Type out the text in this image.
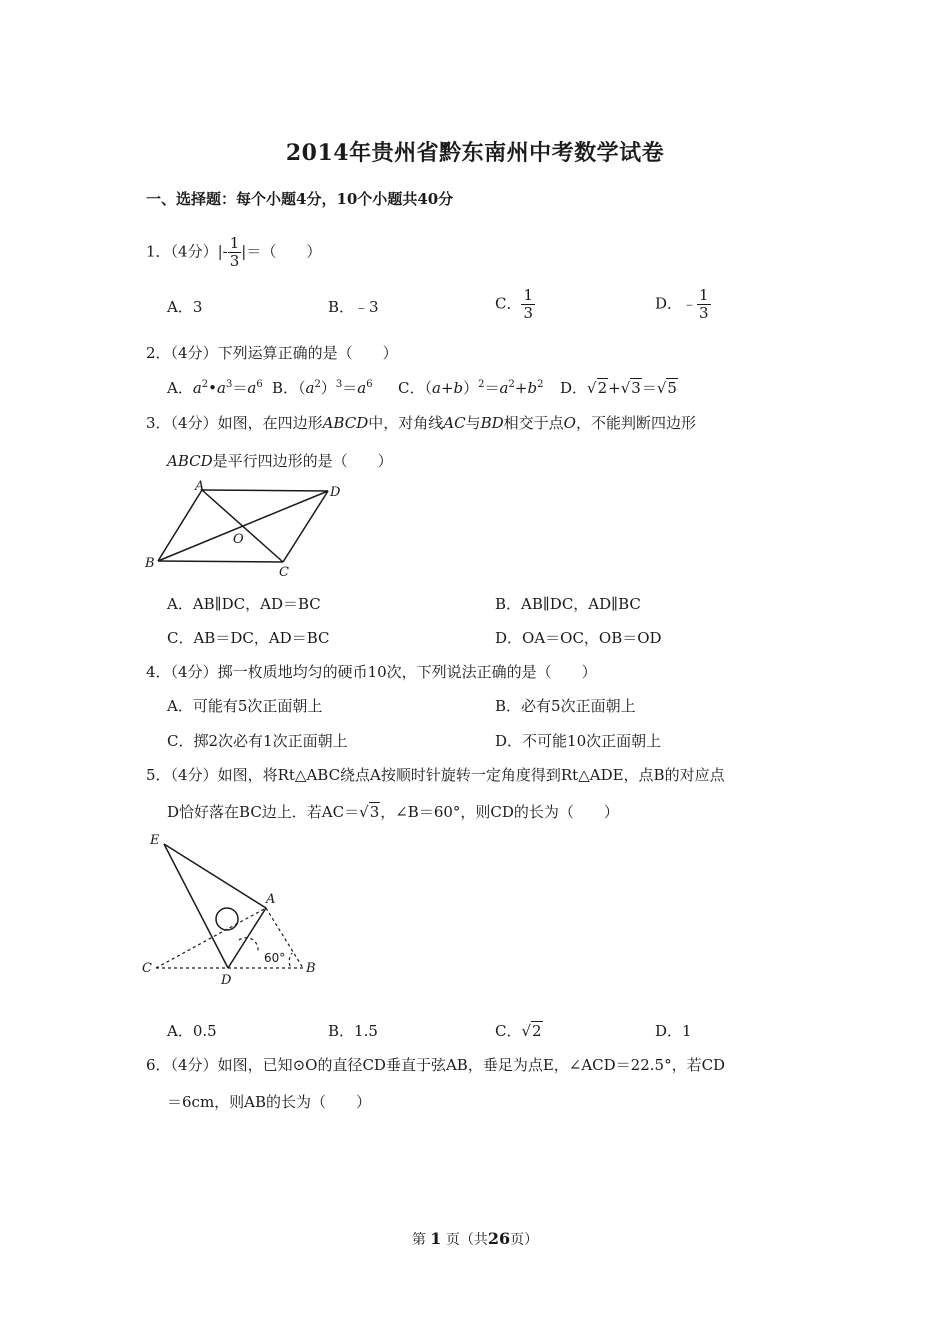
2014年贵州省黔东南州中考数学试卷
一、选择题：每个小题4分，10个小题共40分
1．（4分）|- $\frac{1}{3}$ |＝（　　）
A．3	B．﹣3	C． $\frac{1}{3}$	D．﹣ $\frac{1}{3}$
2．（4分）下列运算正确的是（　　）
A．$a^2•a^3=a^6$ B．$(a^2)^3=a^6$ C．$(a+b)^2=a^2+b^2$ D．√2+√3＝√5
3．（4分）如图，在四边形ABCD中，对角线AC与BD相交于点O，不能判断四边形
ABCD是平行四边形的是（　　）
A	D
B
C
O
A．AB∥DC，AD＝BC	B．AB∥DC，AD∥BC
C．AB＝DC，AD＝BC	D．OA＝OC，OB＝OD
4．（4分）掷一枚质地均匀的硬币10次，下列说法正确的是（　　）
A．可能有5次正面朝上	B．必有5次正面朝上
C．掷2次必有1次正面朝上	D．不可能10次正面朝上
5．（4分）如图，将Rt△ABC绕点A按顺时针旋转一定角度得到Rt△ADE，点B的对应点
D恰好落在BC边上．若AC＝√3，∠B＝60°，则CD的长为（　　）
E
A
C
D
B
60°
A．0.5	B．1.5	C．√2	D．1
6．（4分）如图，已知⊙O的直径CD垂直于弦AB，垂足为点E，∠ACD＝22.5°，若CD
＝6cm，则AB的长为（　　）
第 1 页（共26页）
